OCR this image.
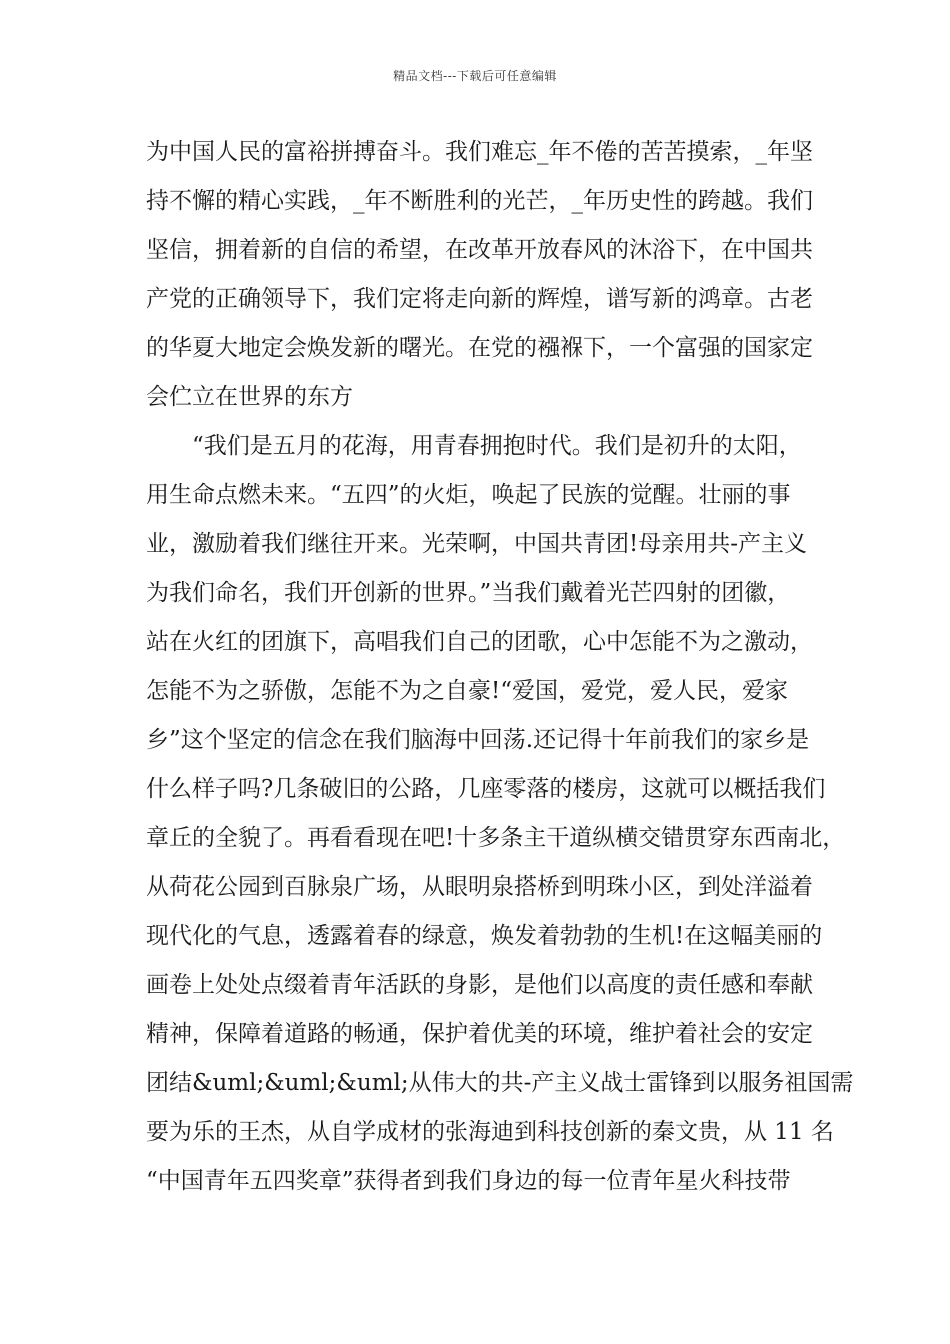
精品文档---下载后可任意编辑
为中国人民的富裕拼搏奋斗。我们难忘_年不倦的苦苦摸索，_年坚
持不懈的精心实践，_年不断胜利的光芒，_年历史性的跨越。我们
坚信，拥着新的自信的希望，在改革开放春风的沐浴下，在中国共
产党的正确领导下，我们定将走向新的辉煌，谱写新的鸿章。古老
的华夏大地定会焕发新的曙光。在党的襁褓下，一个富强的国家定
会伫立在世界的东方
“我们是五月的花海，用青春拥抱时代。我们是初升的太阳，
用生命点燃未来。“五四”的火炬，唤起了民族的觉醒。壮丽的事
业，激励着我们继往开来。光荣啊，中国共青团!母亲用共-产主义
为我们命名，我们开创新的世界。”当我们戴着光芒四射的团徽，
站在火红的团旗下，高唱我们自己的团歌，心中怎能不为之激动，
怎能不为之骄傲，怎能不为之自豪!“爱国，爱党，爱人民，爱家
乡”这个坚定的信念在我们脑海中回荡.还记得十年前我们的家乡是
什么样子吗?几条破旧的公路，几座零落的楼房，这就可以概括我们
章丘的全貌了。再看看现在吧!十多条主干道纵横交错贯穿东西南北，
从荷花公园到百脉泉广场，从眼明泉搭桥到明珠小区，到处洋溢着
现代化的气息，透露着春的绿意，焕发着勃勃的生机!在这幅美丽的
画卷上处处点缀着青年活跃的身影，是他们以高度的责任感和奉献
精神，保障着道路的畅通，保护着优美的环境，维护着社会的安定
团结&uml;&uml;&uml;从伟大的共-产主义战士雷锋到以服务祖国需
要为乐的王杰，从自学成材的张海迪到科技创新的秦文贵，从 11 名
“中国青年五四奖章”获得者到我们身边的每一位青年星火科技带
